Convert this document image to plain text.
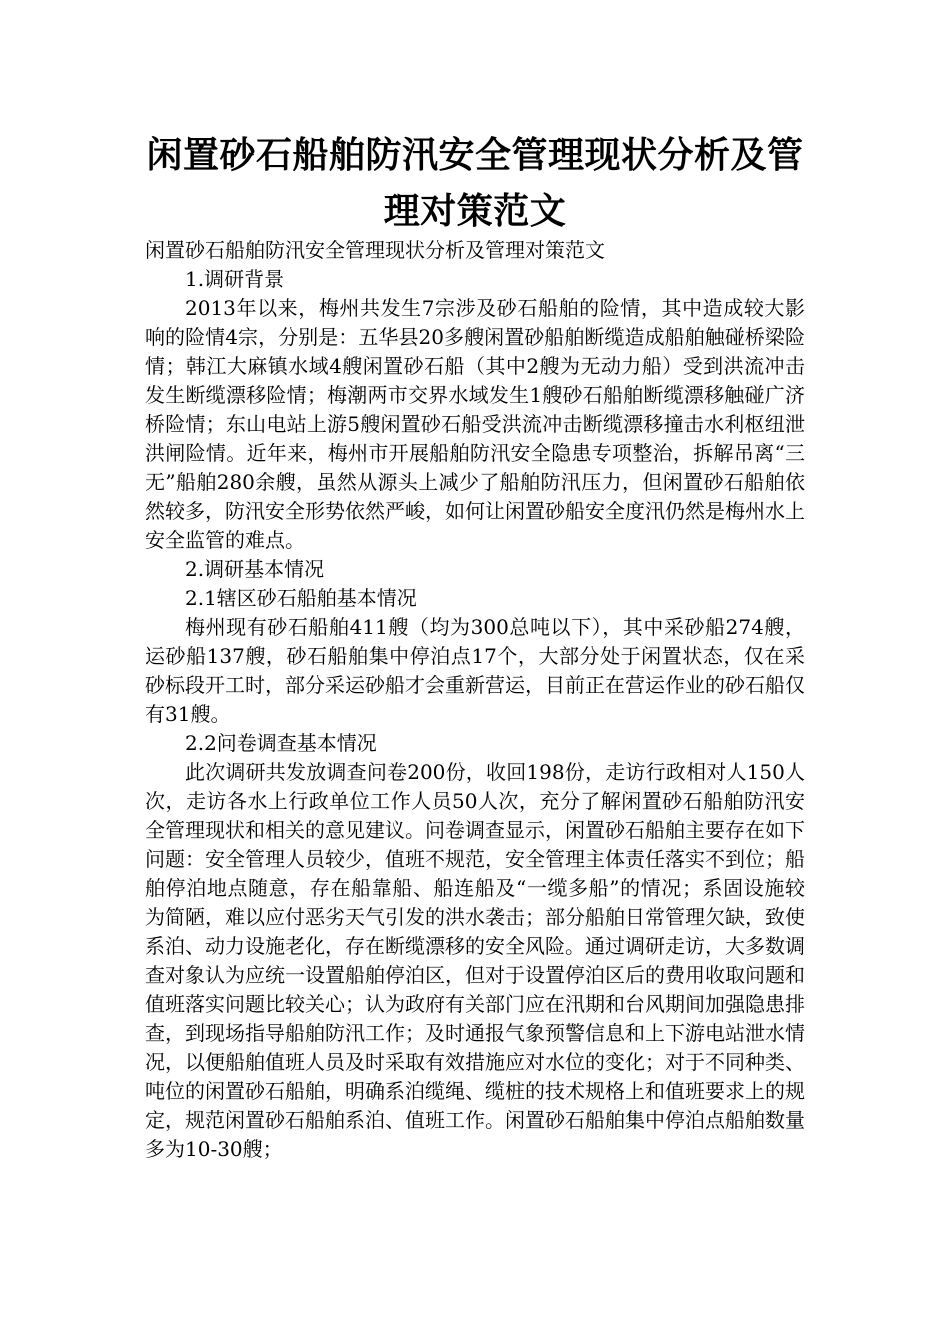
闲置砂石船舶防汛安全管理现状分析及管
理对策范文

闲置砂石船舶防汛安全管理现状分析及管理对策范文

1.调研背景

2013年以来，梅州共发生7宗涉及砂石船舶的险情，其中造成较大影响的险情4宗，分别是：五华县20多艘闲置砂船舶断缆造成船舶触碰桥梁险情；韩江大麻镇水域4艘闲置砂石船（其中2艘为无动力船）受到洪流冲击发生断缆漂移险情；梅潮两市交界水域发生1艘砂石船舶断缆漂移触碰广济桥险情；东山电站上游5艘闲置砂石船受洪流冲击断缆漂移撞击水利枢纽泄洪闸险情。近年来，梅州市开展船舶防汛安全隐患专项整治，拆解吊离“三无”船舶280余艘，虽然从源头上减少了船舶防汛压力，但闲置砂石船舶依然较多，防汛安全形势依然严峻，如何让闲置砂船安全度汛仍然是梅州水上安全监管的难点。

2.调研基本情况

2.1辖区砂石船舶基本情况

梅州现有砂石船舶411艘（均为300总吨以下），其中采砂船274艘，运砂船137艘，砂石船舶集中停泊点17个，大部分处于闲置状态，仅在采砂标段开工时，部分采运砂船才会重新营运，目前正在营运作业的砂石船仅有31艘。

2.2问卷调查基本情况

此次调研共发放调查问卷200份，收回198份，走访行政相对人150人次，走访各水上行政单位工作人员50人次，充分了解闲置砂石船舶防汛安全管理现状和相关的意见建议。问卷调查显示，闲置砂石船舶主要存在如下问题：安全管理人员较少，值班不规范，安全管理主体责任落实不到位；船舶停泊地点随意，存在船靠船、船连船及“一缆多船”的情况；系固设施较为简陋，难以应付恶劣天气引发的洪水袭击；部分船舶日常管理欠缺，致使系泊、动力设施老化，存在断缆漂移的安全风险。通过调研走访，大多数调查对象认为应统一设置船舶停泊区，但对于设置停泊区后的费用收取问题和值班落实问题比较关心；认为政府有关部门应在汛期和台风期间加强隐患排查，到现场指导船舶防汛工作；及时通报气象预警信息和上下游电站泄水情况，以便船舶值班人员及时采取有效措施应对水位的变化；对于不同种类、吨位的闲置砂石船舶，明确系泊缆绳、缆桩的技术规格上和值班要求上的规定，规范闲置砂石船舶系泊、值班工作。闲置砂石船舶集中停泊点船舶数量多为10-30艘；
